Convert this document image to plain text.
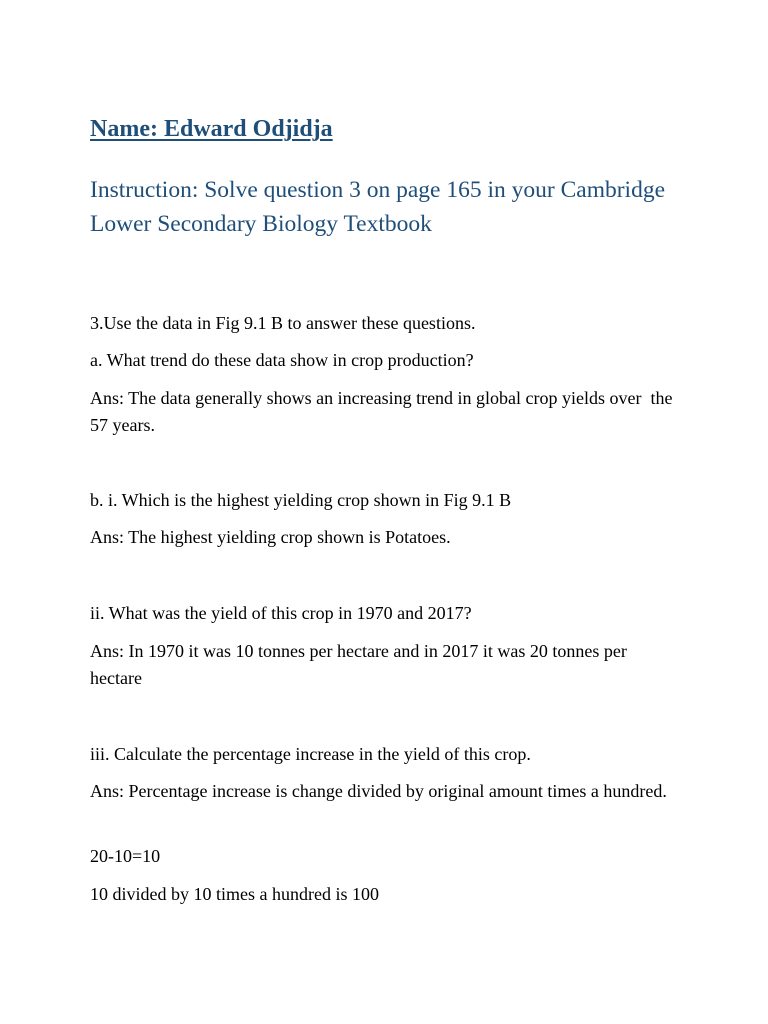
Name: Edward Odjidja
Instruction: Solve question 3 on page 165 in your Cambridge Lower Secondary Biology Textbook

3.Use the data in Fig 9.1 B to answer these questions.

a. What trend do these data show in crop production?

Ans: The data generally shows an increasing trend in global crop yields over  the 57 years.

b. i. Which is the highest yielding crop shown in Fig 9.1 B

Ans: The highest yielding crop shown is Potatoes.

ii. What was the yield of this crop in 1970 and 2017?

Ans: In 1970 it was 10 tonnes per hectare and in 2017 it was 20 tonnes per hectare

iii. Calculate the percentage increase in the yield of this crop.

Ans: Percentage increase is change divided by original amount times a hundred.

20-10=10

10 divided by 10 times a hundred is 100
